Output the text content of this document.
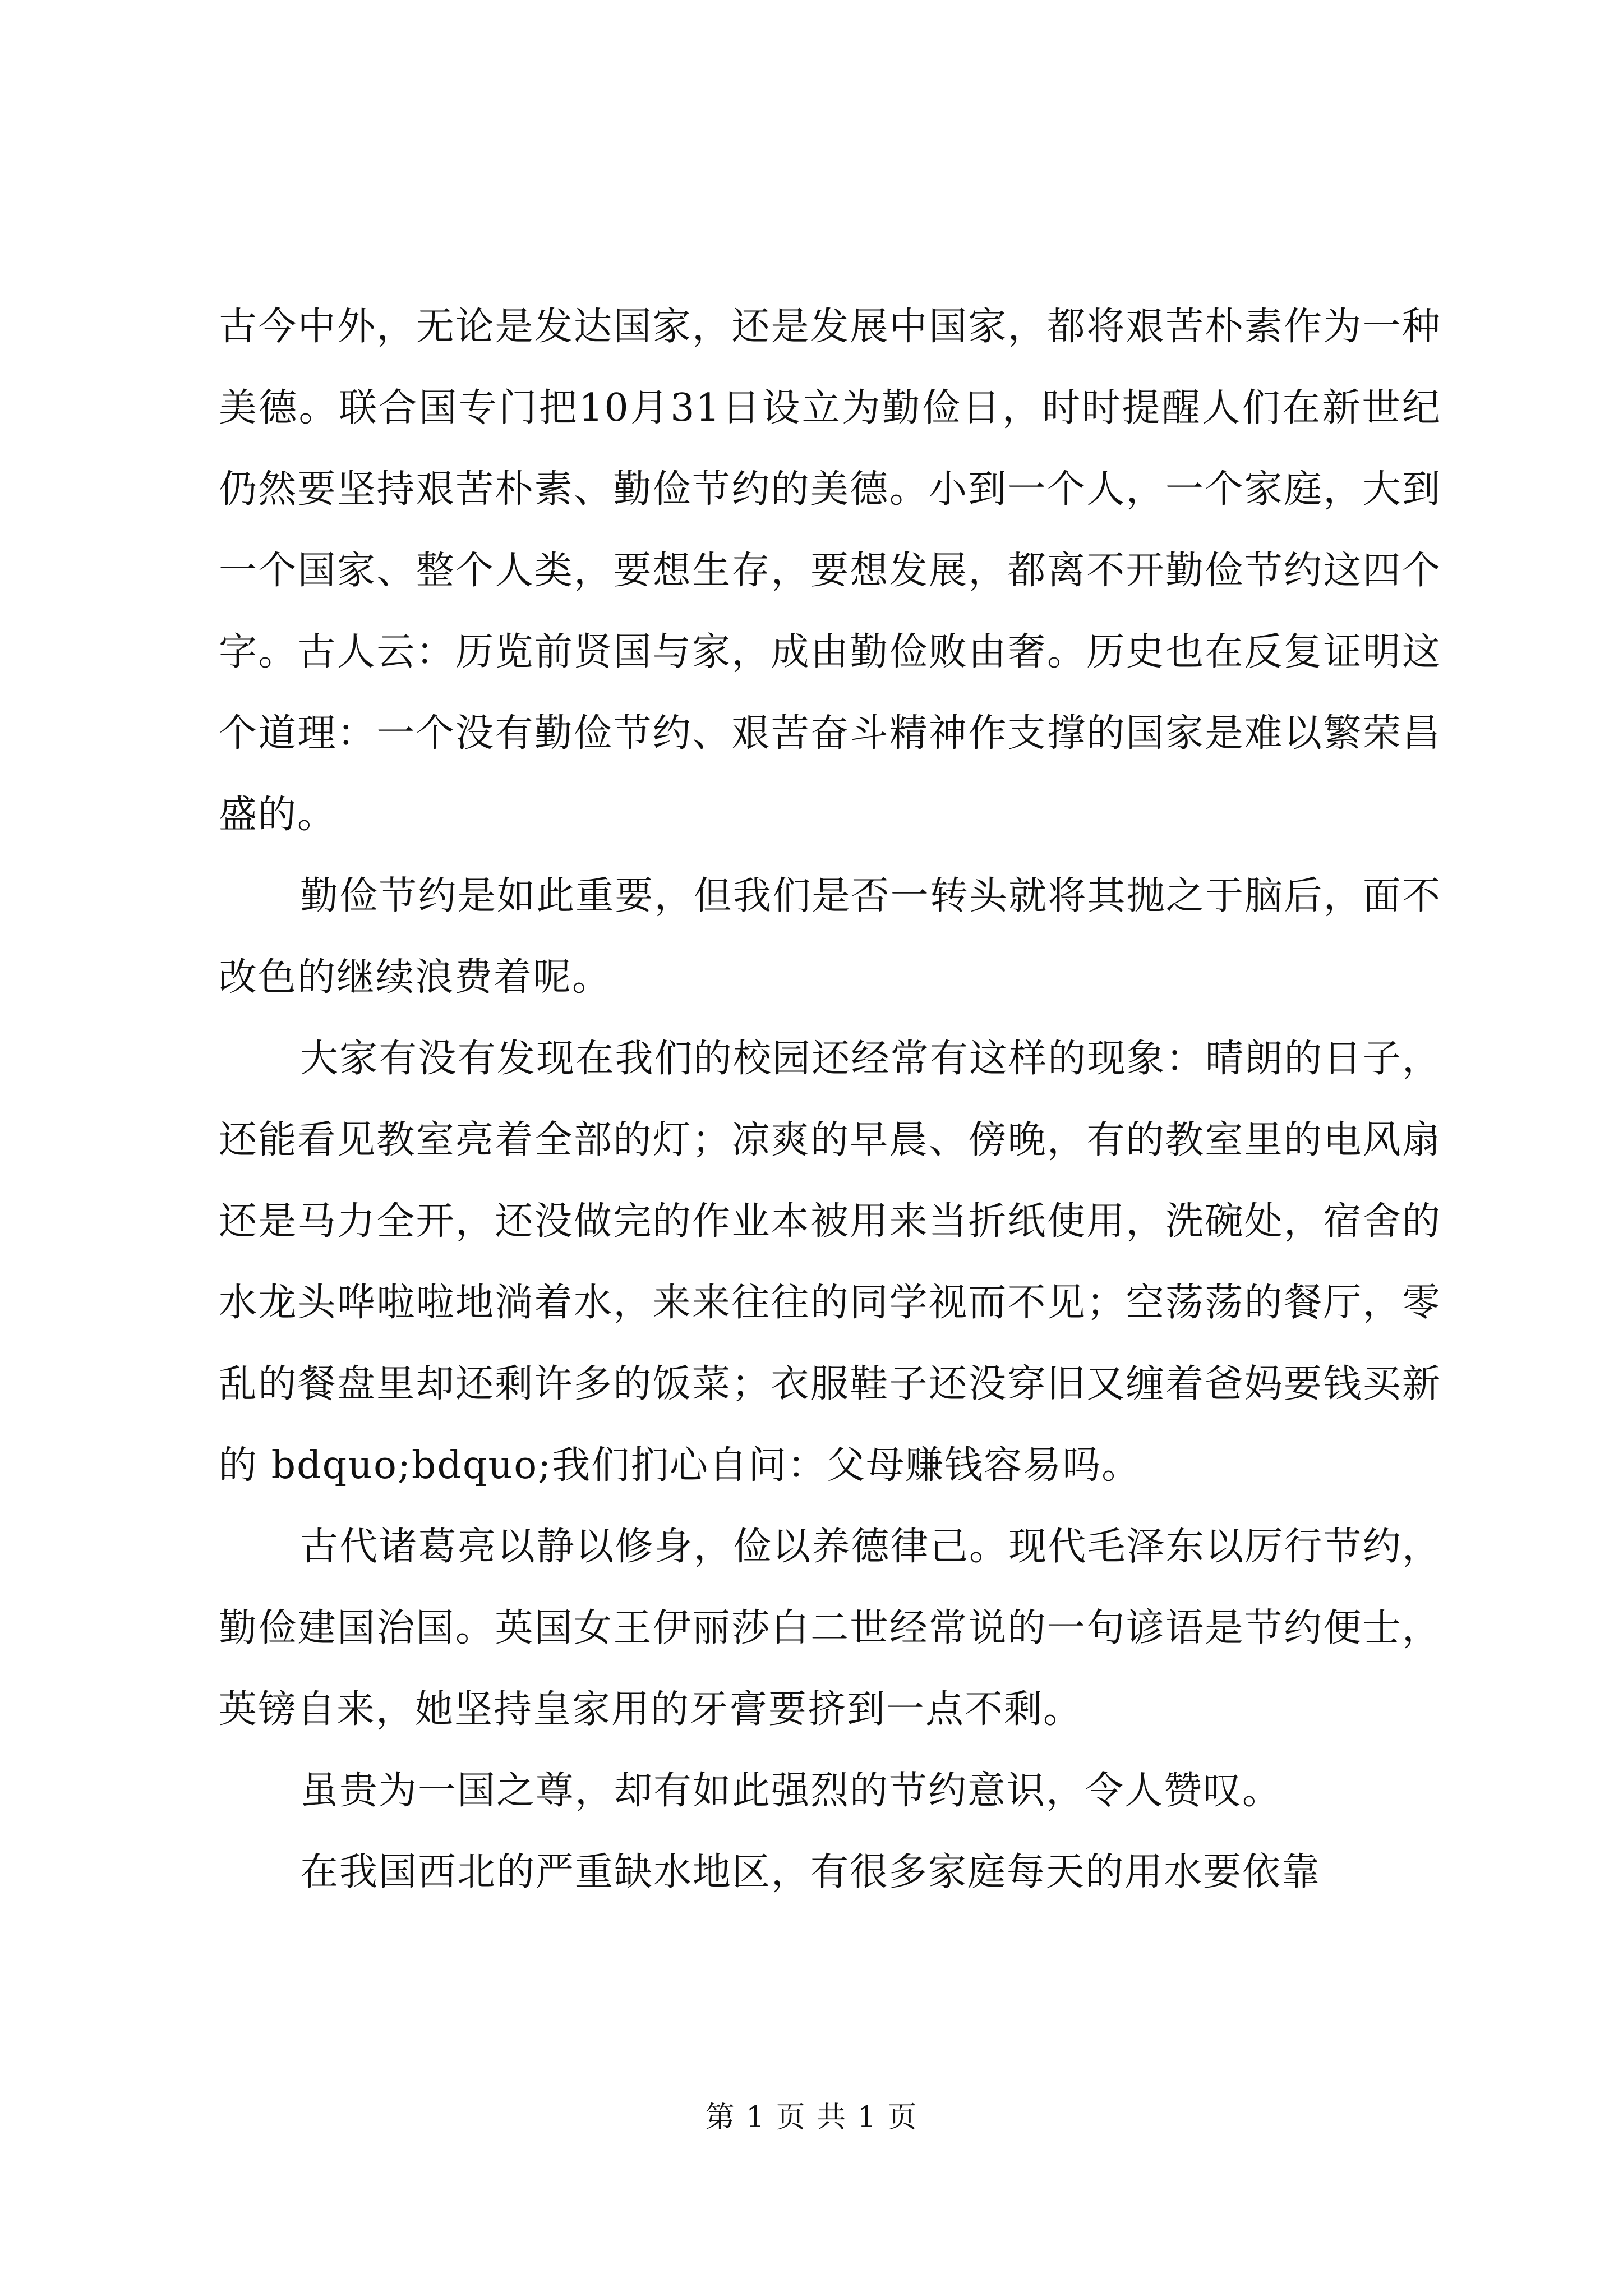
古今中外，无论是发达国家，还是发展中国家，都将艰苦朴素作为一种美德。联合国专门把10月31日设立为勤俭日，时时提醒人们在新世纪仍然要坚持艰苦朴素、勤俭节约的美德。小到一个人，一个家庭，大到一个国家、整个人类，要想生存，要想发展，都离不开勤俭节约这四个字。古人云：历览前贤国与家，成由勤俭败由奢。历史也在反复证明这个道理：一个没有勤俭节约、艰苦奋斗精神作支撑的国家是难以繁荣昌盛的。

勤俭节约是如此重要，但我们是否一转头就将其抛之于脑后，面不改色的继续浪费着呢。

大家有没有发现在我们的校园还经常有这样的现象：晴朗的日子，还能看见教室亮着全部的灯；凉爽的早晨、傍晚，有的教室里的电风扇还是马力全开，还没做完的作业本被用来当折纸使用，洗碗处，宿舍的水龙头哗啦啦地淌着水，来来往往的同学视而不见；空荡荡的餐厅，零乱的餐盘里却还剩许多的饭菜；衣服鞋子还没穿旧又缠着爸妈要钱买新的 bdquo;bdquo;我们扪心自问：父母赚钱容易吗。

古代诸葛亮以静以修身，俭以养德律己。现代毛泽东以厉行节约，勤俭建国治国。英国女王伊丽莎白二世经常说的一句谚语是节约便士，英镑自来，她坚持皇家用的牙膏要挤到一点不剩。

虽贵为一国之尊，却有如此强烈的节约意识，令人赞叹。

在我国西北的严重缺水地区，有很多家庭每天的用水要依靠

第 1 页 共 1 页
